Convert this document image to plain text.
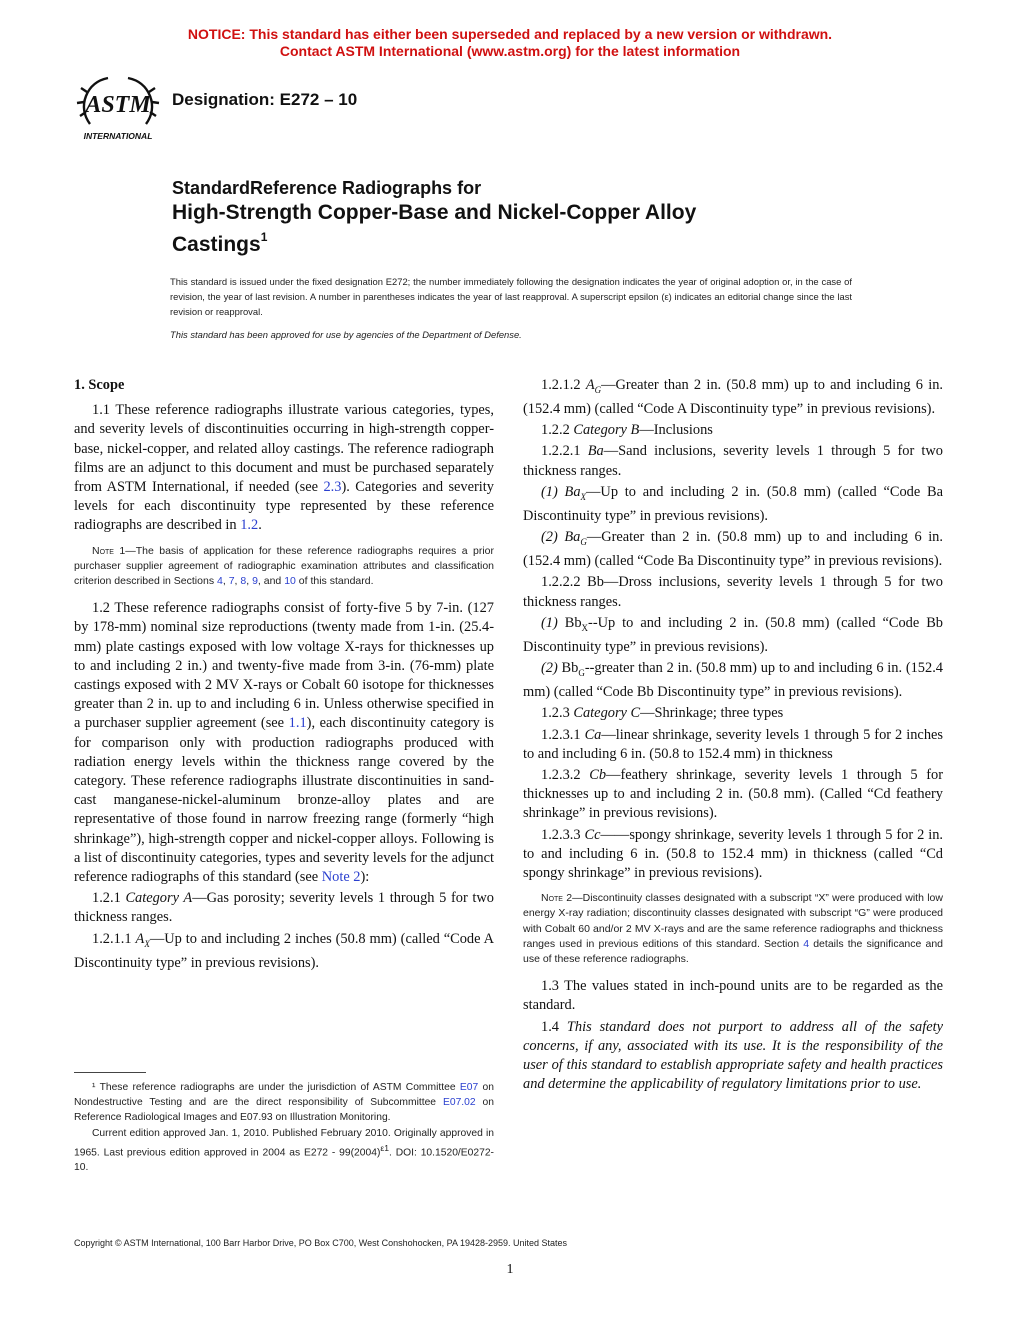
NOTICE: This standard has either been superseded and replaced by a new version or withdrawn.
Contact ASTM International (www.astm.org) for the latest information
ASTM
INTERNATIONAL
Designation: E272 – 10
StandardReference Radiographs for
High-Strength Copper-Base and Nickel-Copper Alloy
Castings$^1$
This standard is issued under the fixed designation E272; the number immediately following the designation indicates the year of original adoption or, in the case of revision, the year of last revision. A number in parentheses indicates the year of last reapproval. A superscript epsilon (ε) indicates an editorial change since the last revision or reapproval.
This standard has been approved for use by agencies of the Department of Defense.

1. Scope

1.1 These reference radiographs illustrate various categories, types, and severity levels of discontinuities occurring in high-strength copper-base, nickel-copper, and related alloy castings. The reference radiograph films are an adjunct to this document and must be purchased separately from ASTM International, if needed (see 2.3). Categories and severity levels for each discontinuity type represented by these reference radiographs are described in 1.2.

Note 1—The basis of application for these reference radiographs requires a prior purchaser supplier agreement of radiographic examination attributes and classification criterion described in Sections 4, 7, 8, 9, and 10 of this standard.

1.2 These reference radiographs consist of forty-five 5 by 7-in. (127 by 178-mm) nominal size reproductions (twenty made from 1-in. (25.4-mm) plate castings exposed with low voltage X-rays for thicknesses up to and including 2 in.) and twenty-five made from 3-in. (76-mm) plate castings exposed with 2 MV X-rays or Cobalt 60 isotope for thicknesses greater than 2 in. up to and including 6 in. Unless otherwise specified in a purchaser supplier agreement (see 1.1), each discontinuity category is for comparison only with production radiographs produced with radiation energy levels within the thickness range covered by the category. These reference radiographs illustrate discontinuities in sand-cast manganese-nickel-aluminum bronze-alloy plates and are representative of those found in narrow freezing range (formerly “high shrinkage”), high-strength copper and nickel-copper alloys. Following is a list of discontinuity categories, types and severity levels for the adjunct reference radiographs of this standard (see Note 2):

1.2.1 Category A—Gas porosity; severity levels 1 through 5 for two thickness ranges.

1.2.1.1 $A_X—Up$ to and including 2 inches (50.8 mm) (called “Code A Discontinuity type” in previous revisions).

¹ These reference radiographs are under the jurisdiction of ASTM Committee E07 on Nondestructive Testing and are the direct responsibility of Subcommittee E07.02 on Reference Radiological Images and E07.93 on Illustration Monitoring.

Current edition approved Jan. 1, 2010. Published February 2010. Originally approved in 1965. Last previous edition approved in 2004 as $E272 - 99(2004)^{\varepsilon 1}$. DOI: 10.1520/E0272-10.

1.2.1.2 $A_G—Greater$ than 2 in. (50.8 mm) up to and including 6 in. (152.4 mm) (called “Code A Discontinuity type” in previous revisions).

1.2.2 Category B—Inclusions

1.2.2.1 Ba—Sand inclusions, severity levels 1 through 5 for two thickness ranges.

(1) $Ba_X—Up$ to and including 2 in. (50.8 mm) (called “Code Ba Discontinuity type” in previous revisions).

(2) $Ba_G—Greater$ than 2 in. (50.8 mm) up to and including 6 in. (152.4 mm) (called “Code Ba Discontinuity type” in previous revisions).

1.2.2.2 Bb—Dross inclusions, severity levels 1 through 5 for two thickness ranges.

(1) $Bb_X--Up$ to and including 2 in. (50.8 mm) (called “Code Bb Discontinuity type” in previous revisions).

(2) $Bb_G-$-greater than 2 in. (50.8 mm) up to and including 6 in. (152.4 mm) (called “Code Bb Discontinuity type” in previous revisions).

1.2.3 Category C—Shrinkage; three types

1.2.3.1 Ca—linear shrinkage, severity levels 1 through 5 for 2 inches to and including 6 in. (50.8 to 152.4 mm) in thickness

1.2.3.2 Cb—feathery shrinkage, severity levels 1 through 5 for thicknesses up to and including 2 in. (50.8 mm). (Called “Cd feathery shrinkage” in previous revisions).

1.2.3.3 Cc——spongy shrinkage, severity levels 1 through 5 for 2 in. to and including 6 in. (50.8 to 152.4 mm) in thickness (called “Cd spongy shrinkage” in previous revisions).

Note 2—Discontinuity classes designated with a subscript “X” were produced with low energy X-ray radiation; discontinuity classes designated with subscript “G” were produced with Cobalt 60 and/or 2 MV X-rays and are the same reference radiographs and thickness ranges used in previous editions of this standard. Section 4 details the significance and use of these reference radiographs.

1.3 The values stated in inch-pound units are to be regarded as the standard.

1.4 This standard does not purport to address all of the safety concerns, if any, associated with its use. It is the responsibility of the user of this standard to establish appropriate safety and health practices and determine the applicability of regulatory limitations prior to use.

Copyright © ASTM International, 100 Barr Harbor Drive, PO Box C700, West Conshohocken, PA 19428-2959. United States
1
